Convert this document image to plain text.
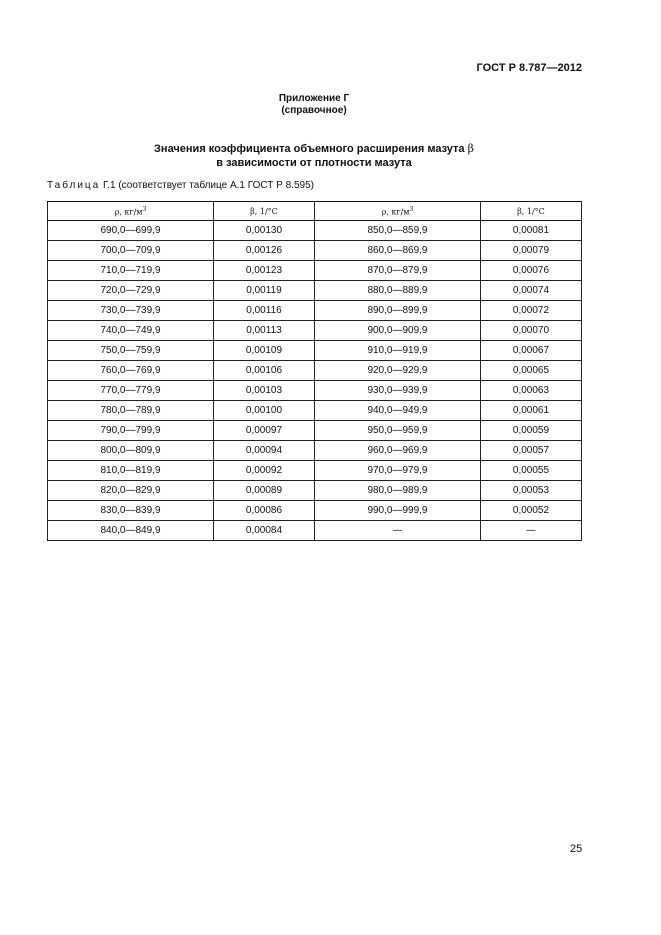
ГОСТ Р 8.787—2012
Приложение Г
(справочное)
Значения коэффициента объемного расширения мазута β
в зависимости от плотности мазута
Таблица Г.1 (соответствует таблице А.1 ГОСТ Р 8.595)
ρ, $кг/м^3$	β, 1/°С	ρ, $кг/м^3$	β, 1/°С
690,0—699,9	0,00130	850,0—859,9	0,00081
700,0—709,9	0,00126	860,0—869,9	0,00079
710,0—719,9	0,00123	870,0—879,9	0,00076
720,0—729,9	0,00119	880,0—889,9	0,00074
730,0—739,9	0,00116	890,0—899,9	0,00072
740,0—749,9	0,00113	900,0—909,9	0,00070
750,0—759,9	0,00109	910,0—919,9	0,00067
760,0—769,9	0,00106	920,0—929,9	0,00065
770,0—779,9	0,00103	930,0—939,9	0,00063
780,0—789,9	0,00100	940,0—949,9	0,00061
790,0—799,9	0,00097	950,0—959,9	0,00059
800,0—809,9	0,00094	960,0—969,9	0,00057
810,0—819,9	0,00092	970,0—979,9	0,00055
820,0—829,9	0,00089	980,0—989,9	0,00053
830,0—839,9	0,00086	990,0—999,9	0,00052
840,0—849,9	0,00084	—	—
25
